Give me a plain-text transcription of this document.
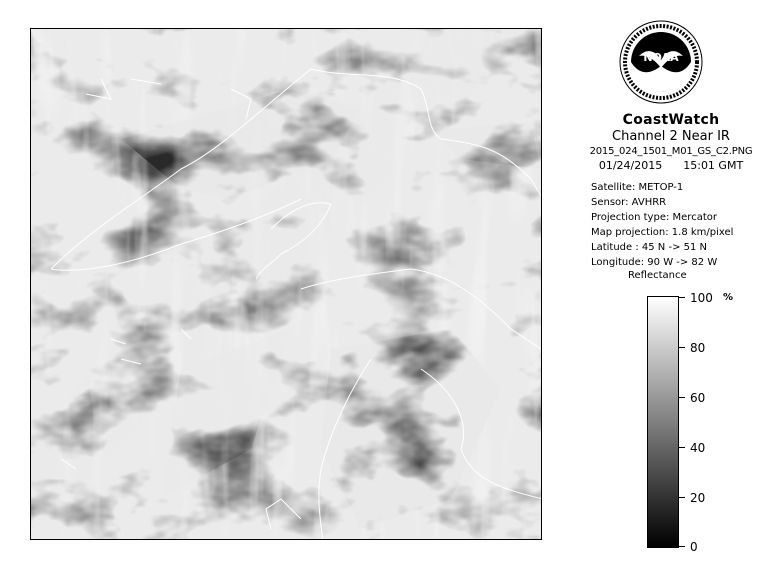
NOAA
CoastWatch
Channel 2 Near IR
2015_024_1501_M01_GS_C2.PNG
01/24/2015 15:01 GMT
Satellite: METOP-1
Sensor: AVHRR
Projection type: Mercator
Map projection: 1.8 km/pixel
Latitude : 45 N -> 51 N
Longitude: 90 W -> 82 W
Reflectance
%
100
80
60
40
20
0
